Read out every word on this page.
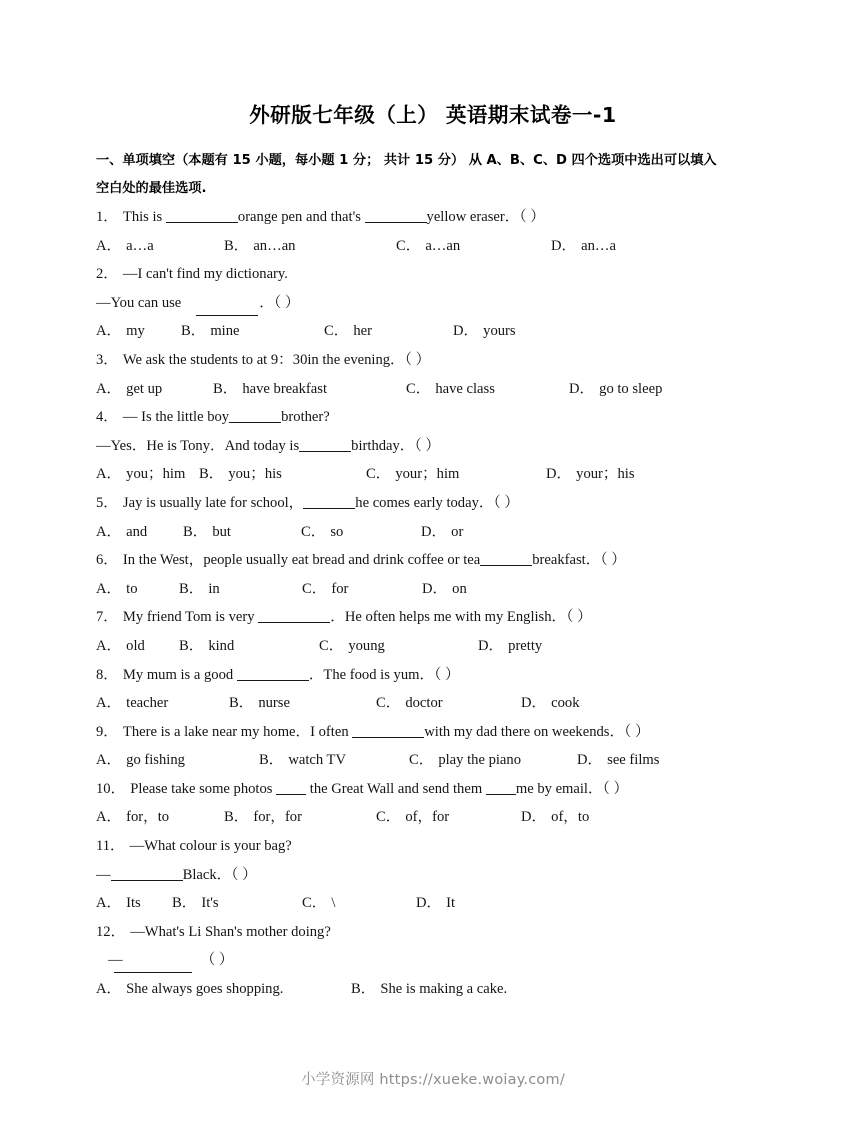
外研版七年级（上） 英语期末试卷一-1
一、单项填空（本题有 15 小题，每小题 1 分； 共计 15 分） 从 A、B、C、D 四个选项中选出可以填入
空白处的最佳选项.
1． This is	orange pen and that's	yellow eraser．（ ）
A． a…a	B． an…an	C． a…an	D． an…a
2． —I can't find my dictionary.
—You can use	．（ ）
A． my B． mine	C． her	D． yours
3． We ask the students to at 9：30in the evening．（ ）
A． get up	B． have breakfast	C． have class	D． go to sleep
4． — Is the little boy	brother?
—Yes．He is Tony．And today is	birthday．（ ）
A． you；him B． you；his	C． your；him	D． your；his
5． Jay is usually late for school，	he comes early today．（ ）
A． and B． but	C． so	D． or
6． In the West，people usually eat bread and drink coffee or tea	breakfast．（ ）
A． to	B． in	C． for	D． on
7． My friend Tom is very	．He often helps me with my English．（ ）
A． old B． kind	C． young	D． pretty
8． My mum is a good	．The food is yum．（ ）
A． teacher	B． nurse	C． doctor	D． cook
9． There is a lake near my home．I often	with my dad there on weekends．（ ）
A． go fishing	B． watch TV	C． play the piano	D． see films
10． Please take some photos  the Great Wall and send them me by email．（ ）
A． for，to	B． for，for	C． of，for	D． of，to
11． —What colour is your bag?
—	Black．（ ）
A． Its B． It's	C． \	D． It
12． —What's Li Shan's mother doing?
—	（ ）
A． She always goes shopping.	B． She is making a cake.
小学资源网 https://xueke.woiay.com/
